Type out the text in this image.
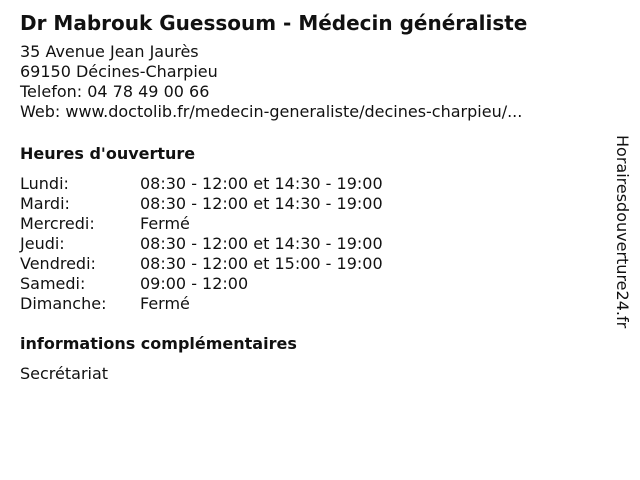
Dr Mabrouk Guessoum - Médecin généraliste
35 Avenue Jean Jaurès
69150 Décines-Charpieu
Telefon: 04 78 49 00 66
Web: www.doctolib.fr/medecin-generaliste/decines-charpieu/...
Heures d'ouverture
Lundi:	08:30 - 12:00 et 14:30 - 19:00
Mardi:	08:30 - 12:00 et 14:30 - 19:00
Mercredi:	Fermé
Jeudi:	08:30 - 12:00 et 14:30 - 19:00
Vendredi:	08:30 - 12:00 et 15:00 - 19:00
Samedi:	09:00 - 12:00
Dimanche:	Fermé
informations complémentaires
Secrétariat
Horairesdouverture24.fr
